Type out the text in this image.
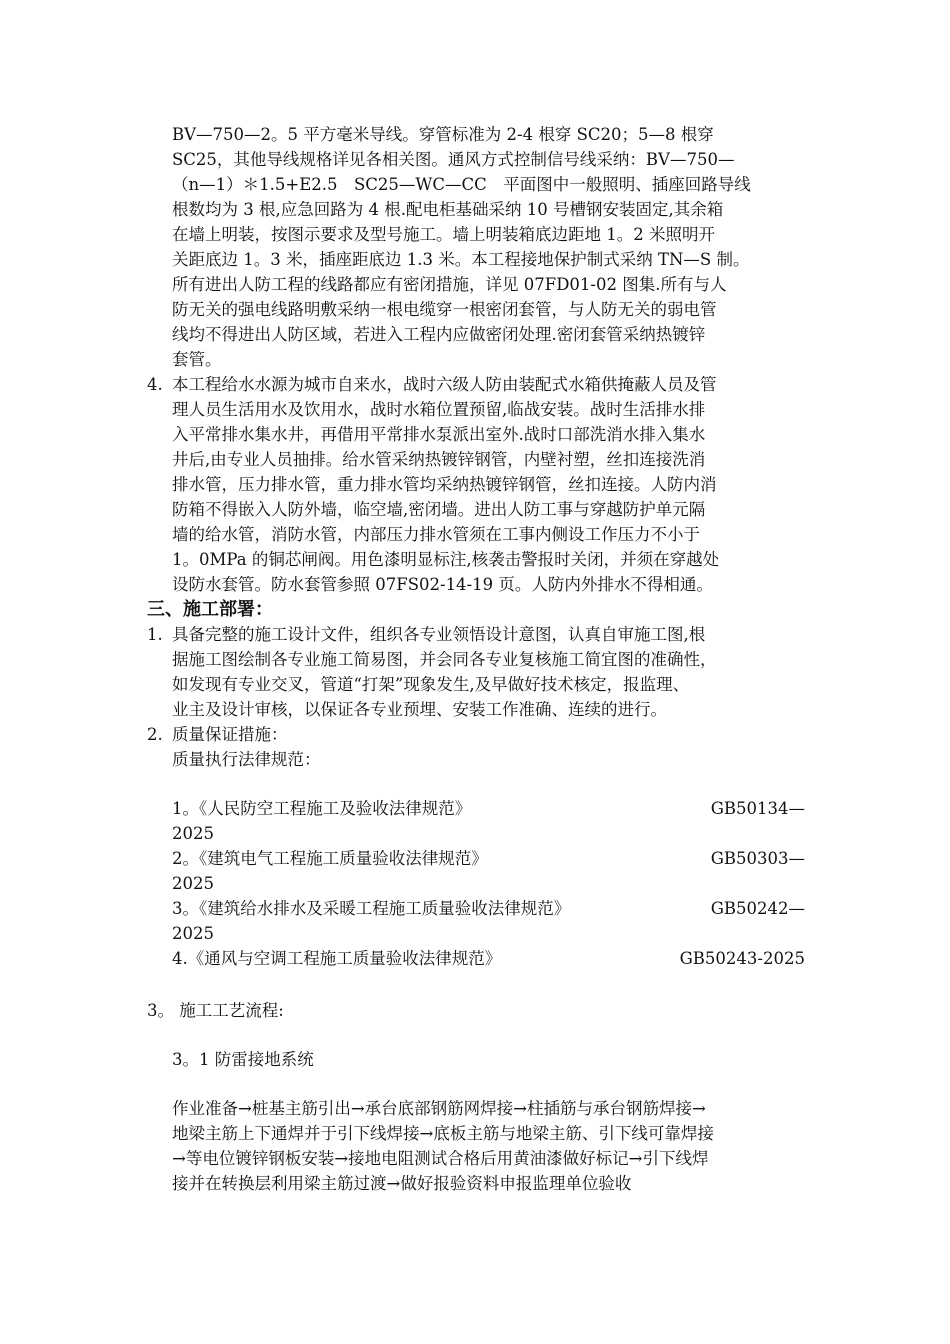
BV—750—2。5 平方毫米导线。穿管标准为 2-4 根穿 SC20；5—8 根穿
SC25，其他导线规格详见各相关图。通风方式控制信号线采纳：BV—750—
（n—1）＊1.5+E2.5　SC25—WC—CC　平面图中一般照明、插座回路导线
根数均为 3 根,应急回路为 4 根.配电柜基础采纳 10 号槽钢安装固定,其余箱
在墙上明装，按图示要求及型号施工。墙上明装箱底边距地 1。2 米照明开
关距底边 1。3 米，插座距底边 1.3 米。本工程接地保护制式采纳 TN—S 制。
所有进出人防工程的线路都应有密闭措施，详见 07FD01-02 图集.所有与人
防无关的强电线路明敷采纳一根电缆穿一根密闭套管，与人防无关的弱电管
线均不得进出人防区域，若进入工程内应做密闭处理.密闭套管采纳热镀锌
套管。
4. 本工程给水水源为城市自来水，战时六级人防由装配式水箱供掩蔽人员及管
理人员生活用水及饮用水，战时水箱位置预留,临战安装。战时生活排水排
入平常排水集水井，再借用平常排水泵派出室外.战时口部洗消水排入集水
井后,由专业人员抽排。给水管采纳热镀锌钢管，内壁衬塑，丝扣连接洗消
排水管，压力排水管，重力排水管均采纳热镀锌钢管，丝扣连接。人防内消
防箱不得嵌入人防外墙，临空墙,密闭墙。进出人防工事与穿越防护单元隔
墙的给水管，消防水管，内部压力排水管须在工事内侧设工作压力不小于
1。0MPa 的铜芯闸阀。用色漆明显标注,核袭击警报时关闭，并须在穿越处
设防水套管。防水套管参照 07FS02-14-19 页。人防内外排水不得相通。
三、施工部署：
1. 具备完整的施工设计文件，组织各专业领悟设计意图，认真自审施工图,根
据施工图绘制各专业施工简易图，并会同各专业复核施工简宜图的准确性，
如发现有专业交叉，管道“打架”现象发生,及早做好技术核定，报监理、
业主及设计审核，以保证各专业预埋、安装工作准确、连续的进行。
2. 质量保证措施：
质量执行法律规范：
1。《人民防空工程施工及验收法律规范》	GB50134—
2025
2。《建筑电气工程施工质量验收法律规范》	GB50303—
2025
3。《建筑给水排水及采暖工程施工质量验收法律规范》	GB50242—
2025
4.《通风与空调工程施工质量验收法律规范》	GB50243-2025
3。 施工工艺流程:
3。1 防雷接地系统
作业准备→桩基主筋引出→承台底部钢筋网焊接→柱插筋与承台钢筋焊接→
地梁主筋上下通焊并于引下线焊接→底板主筋与地梁主筋、引下线可靠焊接
→等电位镀锌钢板安装→接地电阻测试合格后用黄油漆做好标记→引下线焊
接并在转换层利用梁主筋过渡→做好报验资料申报监理单位验收
